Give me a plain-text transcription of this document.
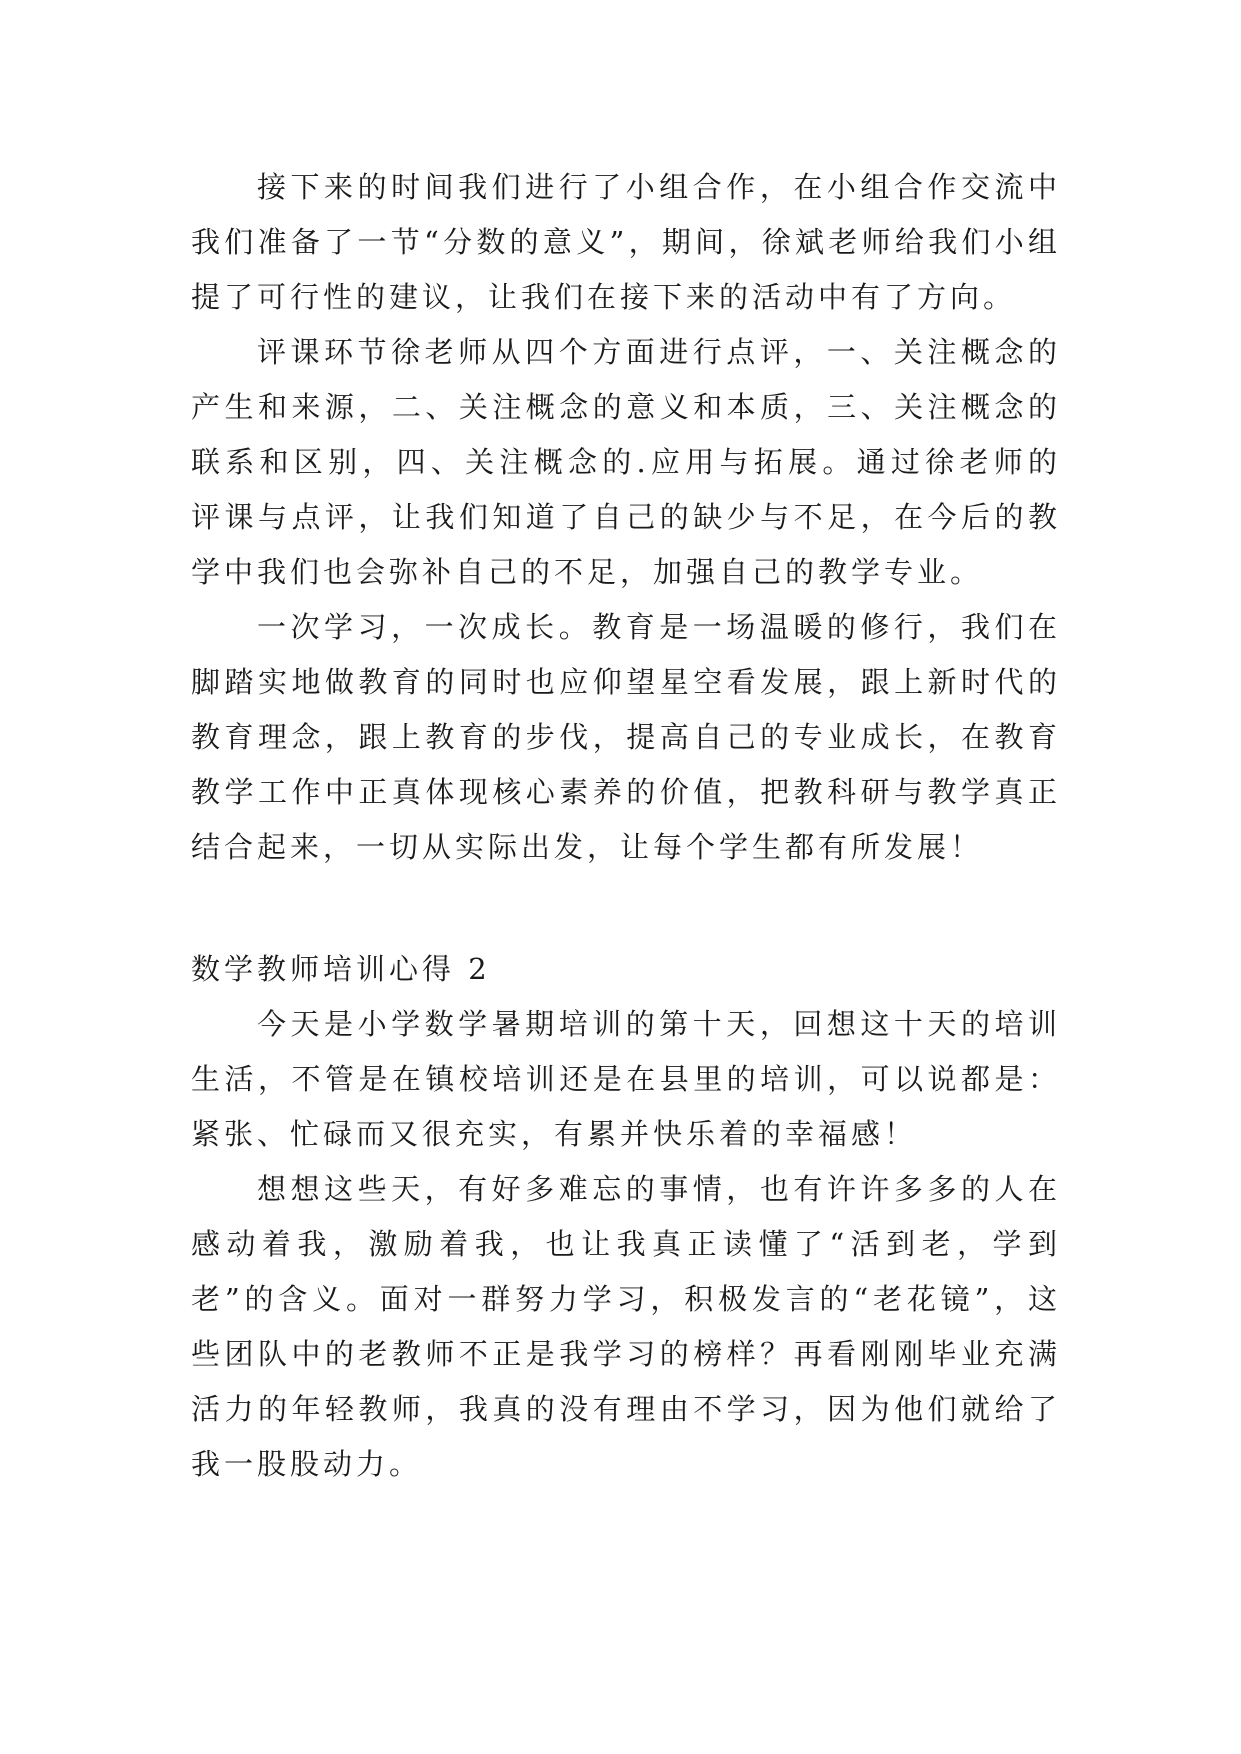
接下来的时间我们进行了小组合作，在小组合作交流中我们准备了一节“分数的意义”，期间，徐斌老师给我们小组提了可行性的建议，让我们在接下来的活动中有了方向。

评课环节徐老师从四个方面进行点评，一、关注概念的产生和来源，二、关注概念的意义和本质，三、关注概念的联系和区别，四、关注概念的.应用与拓展。通过徐老师的评课与点评，让我们知道了自己的缺少与不足，在今后的教学中我们也会弥补自己的不足，加强自己的教学专业。

一次学习，一次成长。教育是一场温暖的修行，我们在脚踏实地做教育的同时也应仰望星空看发展，跟上新时代的教育理念，跟上教育的步伐，提高自己的专业成长，在教育教学工作中正真体现核心素养的价值，把教科研与教学真正结合起来，一切从实际出发，让每个学生都有所发展！

数学教师培训心得 2

今天是小学数学暑期培训的第十天，回想这十天的培训生活，不管是在镇校培训还是在县里的培训，可以说都是：紧张、忙碌而又很充实，有累并快乐着的幸福感！

想想这些天，有好多难忘的事情，也有许许多多的人在感动着我，激励着我，也让我真正读懂了“活到老，学到老”的含义。面对一群努力学习，积极发言的“老花镜”，这些团队中的老教师不正是我学习的榜样？再看刚刚毕业充满活力的年轻教师，我真的没有理由不学习，因为他们就给了我一股股动力。
